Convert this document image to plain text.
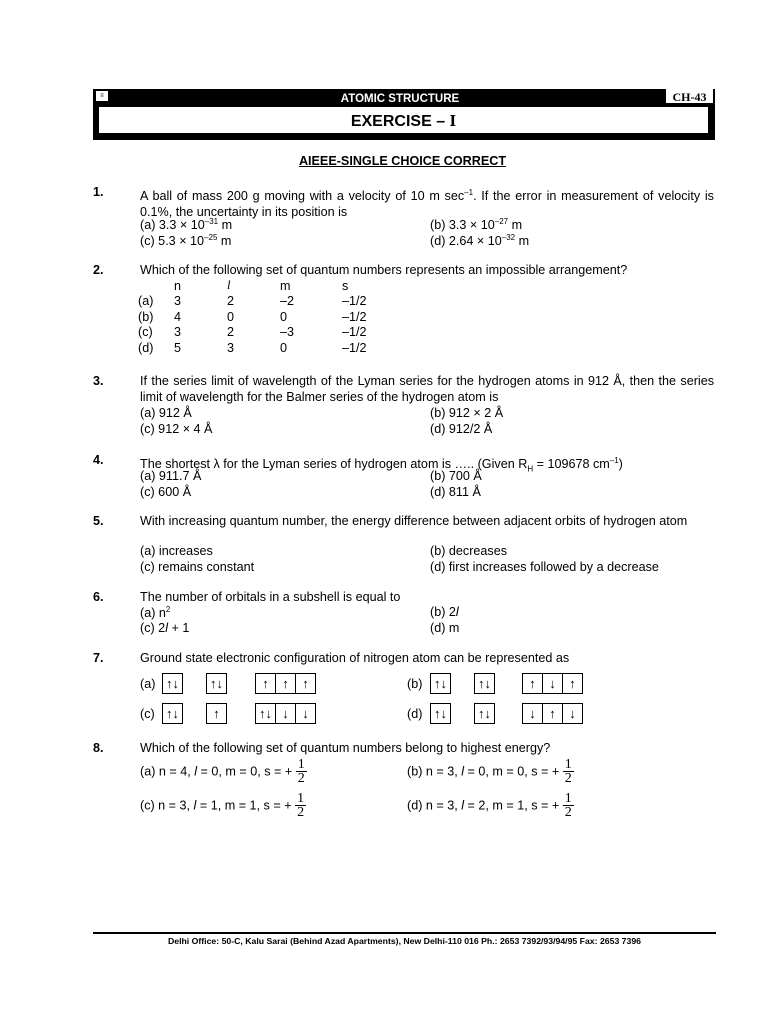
≡	ATOMIC STRUCTURE	CH-43
EXERCISE – I
AIEEE-SINGLE CHOICE CORRECT
1.	A ball of mass 200 g moving with a velocity of 10 m $\sec^{-1}$. If the error in measurement of velocity is 0.1%, the uncertainty in its position is
(a) $3.3 \times 10^{-31}$ m	(b) $3.3 \times 10^{-27}$ m
(c) $5.3 \times 10^{-25}$ m	(d) $2.64 \times 10^{-32}$ m
2.	Which of the following set of quantum numbers represents an impossible arrangement?
	n	l	m	s
(a)	3	2	–2	–1/2
(b)	4	0	0	–1/2
(c)	3	2	–3	–1/2
(d)	5	3	0	–1/2
3.	If the series limit of wavelength of the Lyman series for the hydrogen atoms in 912 Å, then the series limit of wavelength for the Balmer series of the hydrogen atom is
(a) 912 Å	(b) 912 × 2 Å
(c) 912 × 4 Å	(d) 912/2 Å
4.	The shortest λ for the Lyman series of hydrogen atom is ….. (Given $R_H = 109678$ $cm^{-1}$)
(a) 911.7 Å	(b) 700 Å
(c) 600 Å	(d) 811 Å
5.	With increasing quantum number, the energy difference between adjacent orbits of hydrogen atom
(a) increases	(b) decreases
(c) remains constant	(d) first increases followed by a decrease
6.	The number of orbitals in a subshell is equal to
(a) $n^2$	(b) 2l
(c) 2l + 1	(d) m
7.	Ground state electronic configuration of nitrogen atom can be represented as
(a) ↑↓ ↑↓	↑	↑	↑	(b) ↑↓ ↑↓	↑	↓	↑
(c) ↑↓	↑	↑↓ ↓	↓	(d) ↑↓ ↑↓	↓	↑	↓
8.	Which of the following set of quantum numbers belong to highest energy?
(a) n = 4, l = 0, m = 0, s = + $\frac{1}{2}$	(b) n = 3, l = 0, m = 0, s = + $\frac{1}{2}$
(c) n = 3, l = 1, m = 1, s = + $\frac{1}{2}$	(d) n = 3, l = 2, m = 1, s = + $\frac{1}{2}$
Delhi Office: 50-C, Kalu Sarai (Behind Azad Apartments), New Delhi-110 016 Ph.: 2653 7392/93/94/95 Fax: 2653 7396
